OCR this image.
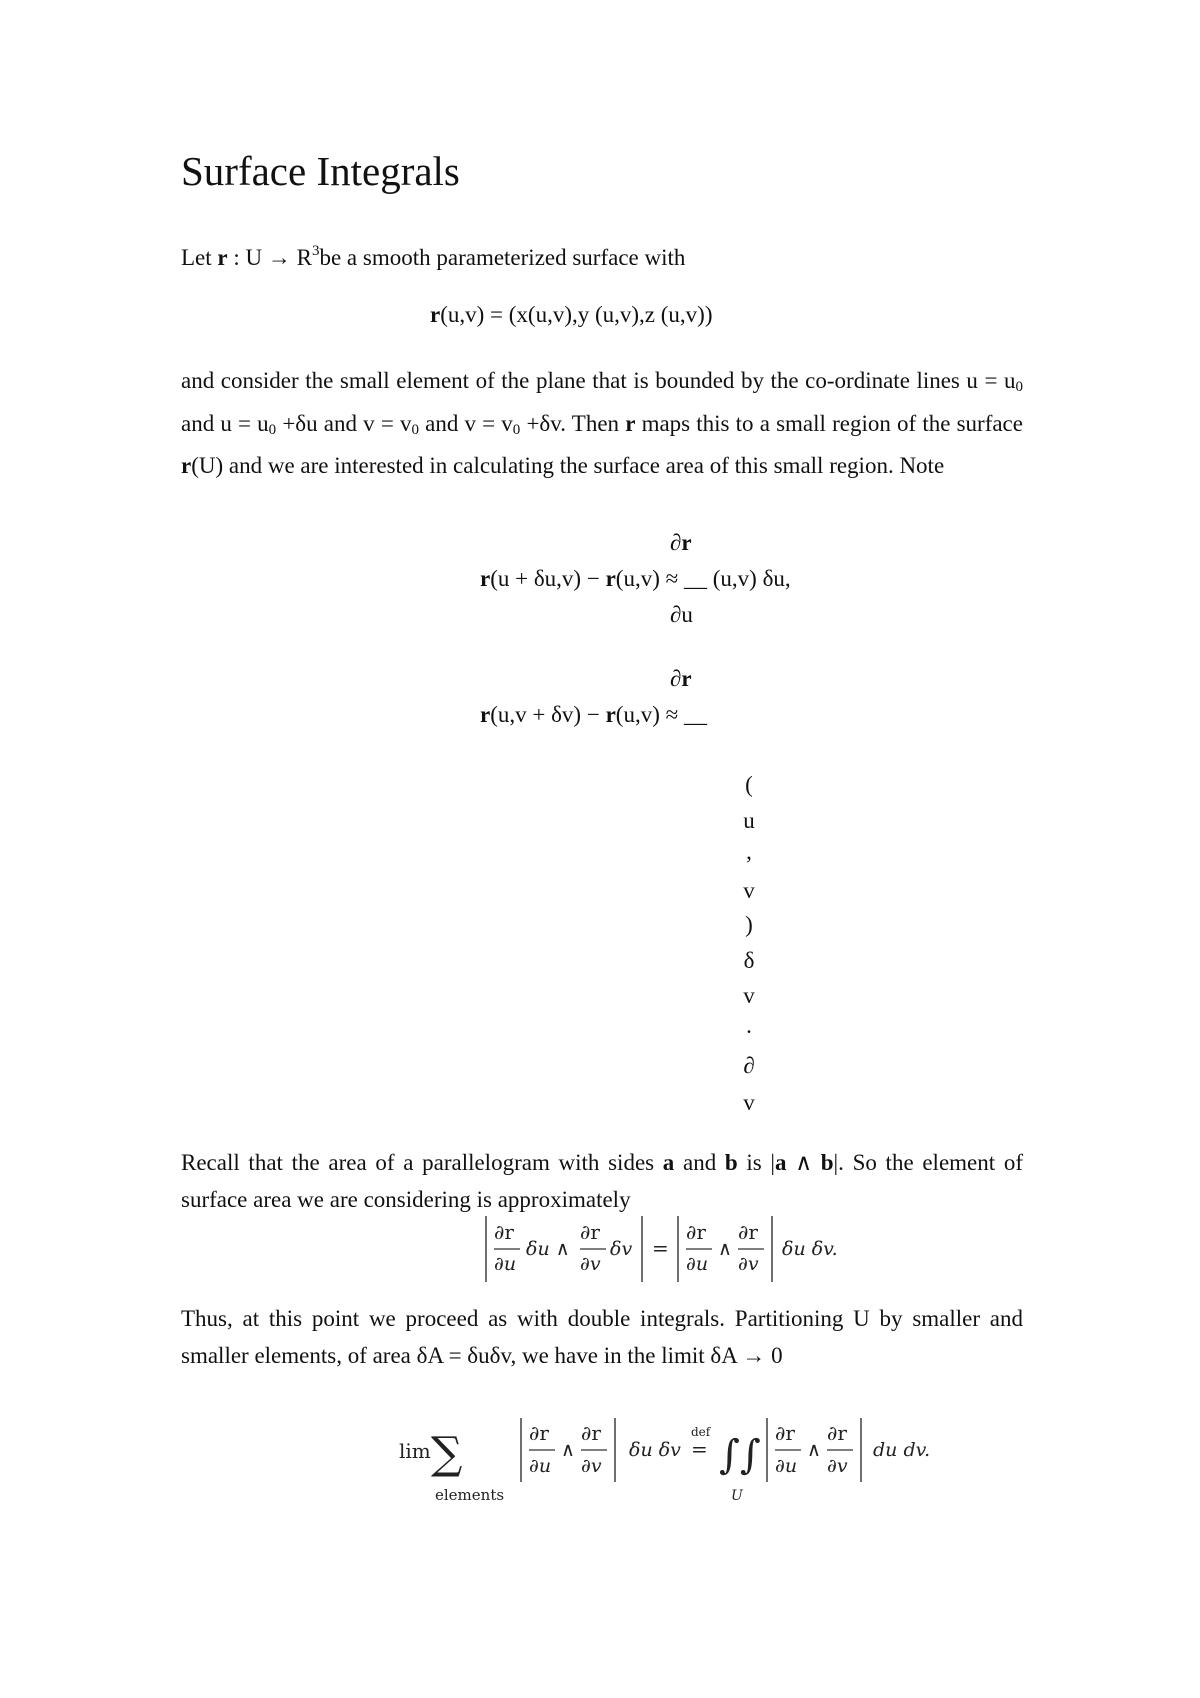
Surface Integrals

Let r : $U \to R^3be$ a smooth parameterized surface with

r(u,v) = (x(u,v),y (u,v),z (u,v))

and consider the small element of the plane that is bounded by the co-ordinate lines $u = u_0$ and $u = u_0 +\delta u$ and $v = v_0$ and $v = v_0 +\delta v$. Then r maps this to a small region of the surface r(U) and we are interested in calculating the surface area of this small region. Note

∂r
r(u + δu,v) − r(u,v) ≈ __ (u,v) δu,
∂u
∂r
r(u,v + δv) − r(u,v) ≈ __
(
u
,
v
)
δ
v
.
∂
v

Recall that the area of a parallelogram with sides a and b is |a ∧ b|. So the element of surface area we are considering is approximately

∂r
∂u
δu ∧
∂r
∂v
δv =
∂r
∂u
∧
∂r
∂v
δu δv.

Thus, at this point we proceed as with double integrals. Partitioning U by smaller and smaller elements, of area δA = δuδv, we have in the limit δA → 0

lim ∑
elements
∂r
∂u
∧
∂r
∂v
δu δv
def
= ∫∫
U
∂r
∂u
∧
∂r
∂v
du dv.
